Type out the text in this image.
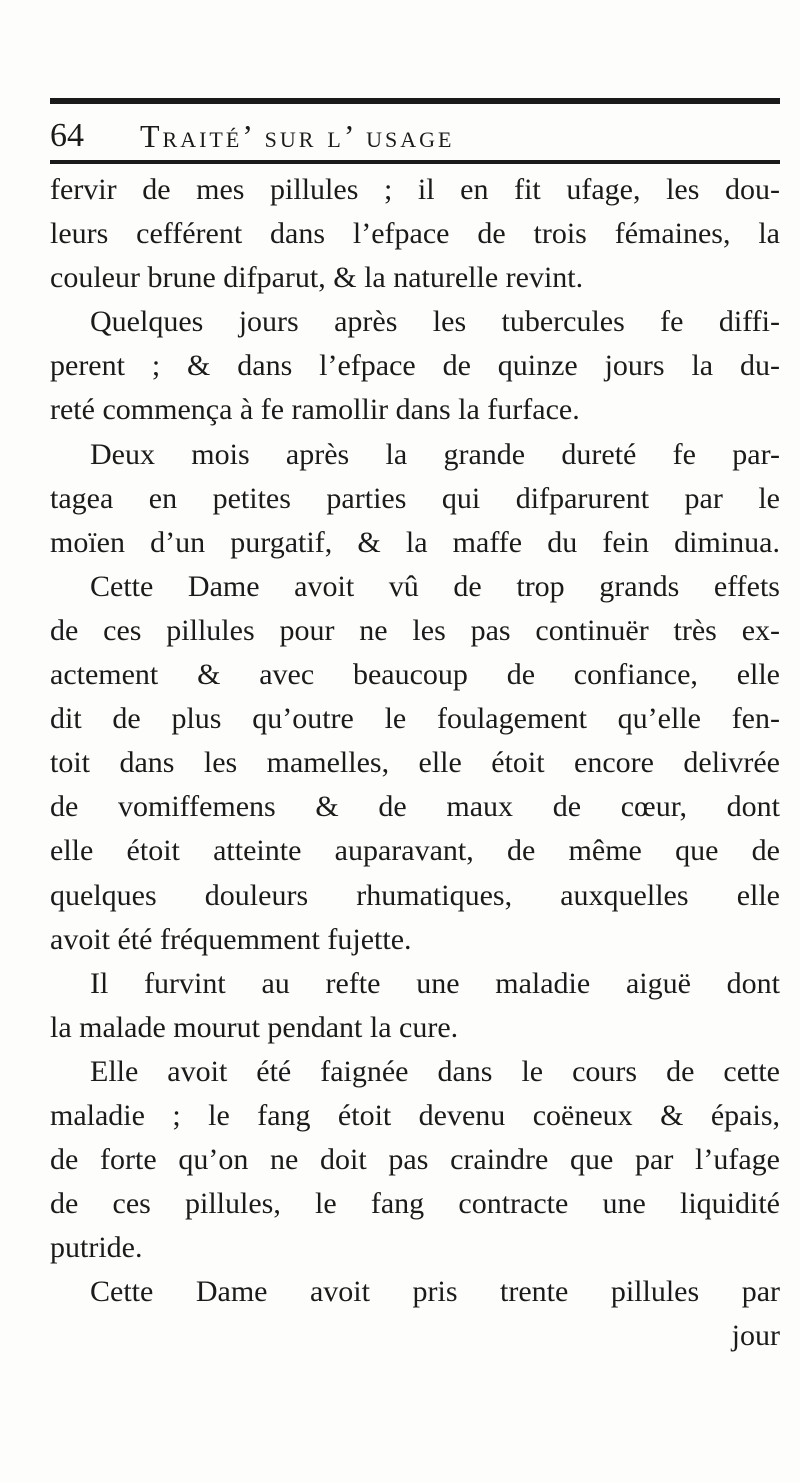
64	Traité’ sur l’ usage
fervir de mes pillules ; il en fit ufage, les dou-
leurs cefférent dans l’efpace de trois fémaines, la
couleur brune difparut, & la naturelle revint.
Quelques jours après les tubercules fe diffi-
perent ; & dans l’efpace de quinze jours la du-
reté commença à fe ramollir dans la furface.
Deux mois après la grande dureté fe par-
tagea en petites parties qui difparurent par le
moïen d’un purgatif, & la maffe du fein diminua.
Cette Dame avoit vû de trop grands effets
de ces pillules pour ne les pas continuër très ex-
actement & avec beaucoup de confiance, elle
dit de plus qu’outre le foulagement qu’elle fen-
toit dans les mamelles, elle étoit encore delivrée
de vomiffemens & de maux de cœur, dont
elle étoit atteinte auparavant, de même que de
quelques douleurs rhumatiques, auxquelles elle
avoit été fréquemment fujette.
Il furvint au refte une maladie aiguë dont
la malade mourut pendant la cure.
Elle avoit été faignée dans le cours de cette
maladie ; le fang étoit devenu coëneux & épais,
de forte qu’on ne doit pas craindre que par l’ufage
de ces pillules, le fang contracte une liquidité
putride.
Cette Dame avoit pris trente pillules par
jour
